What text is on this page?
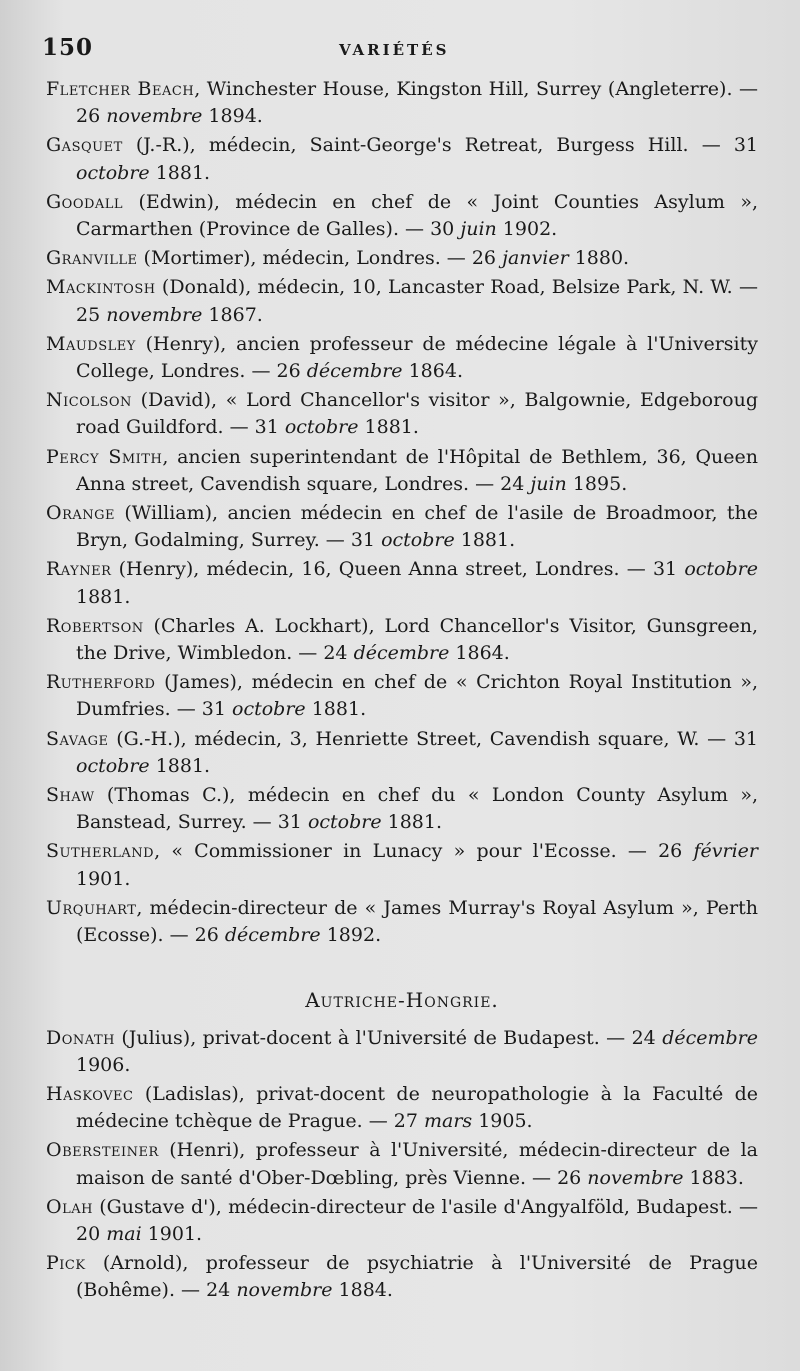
150	VARIÉTÉS

Fletcher Beach, Winchester House, Kingston Hill, Surrey (Angleterre). — 26 novembre 1894.

Gasquet (J.-R.), médecin, Saint-George's Retreat, Burgess Hill. — 31 octobre 1881.

Goodall (Edwin), médecin en chef de « Joint Counties Asylum », Carmarthen (Province de Galles). — 30 juin 1902.

Granville (Mortimer), médecin, Londres. — 26 janvier 1880.

Mackintosh (Donald), médecin, 10, Lancaster Road, Belsize Park, N. W. — 25 novembre 1867.

Maudsley (Henry), ancien professeur de médecine légale à l'University College, Londres. — 26 décembre 1864.

Nicolson (David), « Lord Chancellor's visitor », Balgownie, Edgeboroug road Guildford. — 31 octobre 1881.

Percy Smith, ancien superintendant de l'Hôpital de Bethlem, 36, Queen Anna street, Cavendish square, Londres. — 24 juin 1895.

Orange (William), ancien médecin en chef de l'asile de Broadmoor, the Bryn, Godalming, Surrey. — 31 octobre 1881.

Rayner (Henry), médecin, 16, Queen Anna street, Londres. — 31 octobre 1881.

Robertson (Charles A. Lockhart), Lord Chancellor's Visitor, Gunsgreen, the Drive, Wimbledon. — 24 décembre 1864.

Rutherford (James), médecin en chef de « Crichton Royal Institution », Dumfries. — 31 octobre 1881.

Savage (G.-H.), médecin, 3, Henriette Street, Cavendish square, W. — 31 octobre 1881.

Shaw (Thomas C.), médecin en chef du « London County Asylum », Banstead, Surrey. — 31 octobre 1881.

Sutherland, « Commissioner in Lunacy » pour l'Ecosse. — 26 février 1901.

Urquhart, médecin-directeur de « James Murray's Royal Asylum », Perth (Ecosse). — 26 décembre 1892.

Autriche-Hongrie.

Donath (Julius), privat-docent à l'Université de Budapest. — 24 décembre 1906.

Haskovec (Ladislas), privat-docent de neuropathologie à la Faculté de médecine tchèque de Prague. — 27 mars 1905.

Obersteiner (Henri), professeur à l'Université, médecin-directeur de la maison de santé d'Ober-Dœbling, près Vienne. — 26 novembre 1883.

Olah (Gustave d'), médecin-directeur de l'asile d'Angyalföld, Budapest. — 20 mai 1901.

Pick (Arnold), professeur de psychiatrie à l'Université de Prague (Bohême). — 24 novembre 1884.
